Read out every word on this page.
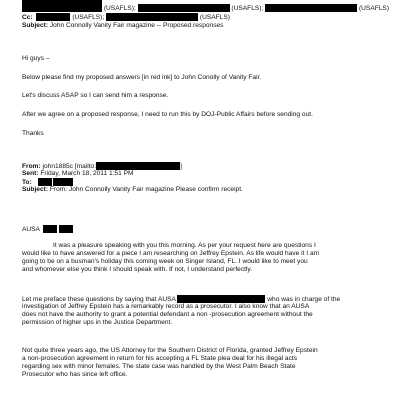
(USAFLS);	(USAFLS);	(USAFLS)
Cc:	(USAFLS);	(USAFLS)
Subject: John Connolly Vanity Fair magazine -- Proposed responses
Hi guys –
Below please find my proposed answers [in red ink] to John Conolly of Vanity Fair.
Let's discuss ASAP so I can send him a response.
After we agree on a proposed response, I need to run this by DOJ-Public Affairs before sending out.
Thanks
From: john1885c [mailto:	]
Sent: Friday, March 18, 2011 1:51 PM
To:
Subject: From: John Connolly Vanity Fair magazine Please confirm receipt.
AUSA
It was a pleasure speaking with you this morning. As per your request here are questions I
would like to have answered for a piece I am researching on Jeffrey Epstein. As life would have it I am
going to be on a busman's holiday this coming week on Singer Island, FL. I would like to meet you
and whomever else you think I should speak with. If not, I understand perfectly.
Let me preface these questions by saying that AUSA	who was in charge of the
investigation of Jeffrey Epstein has a remarkably record as a prosecutor. I also know that an AUSA
does not have the authority to grant a potential defendant a non -prosecution agreement without the
permission of higher ups in the Justice Department.
Not quite three years ago, the US Attorney for the Southern District of Florida, granted Jeffrey Epstein
a non-prosecution agreement in return for his accepting a FL State plea deal for his illegal acts
regarding sex with minor females. The state case was handled by the West Palm Beach State
Prosecutor who has since left office.
